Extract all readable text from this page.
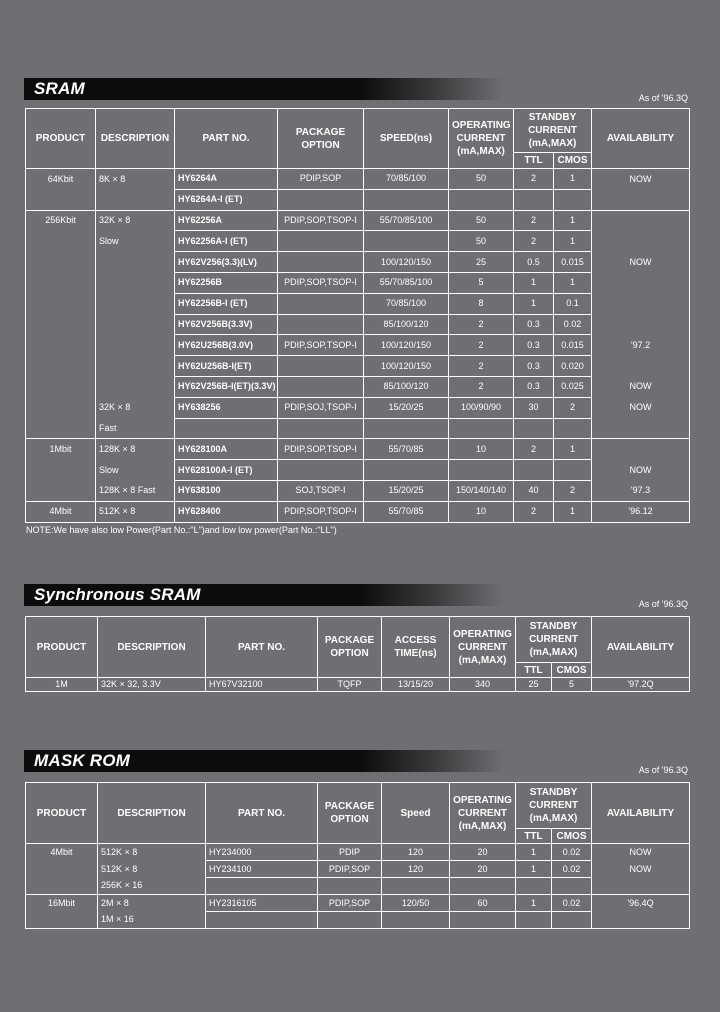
SRAM	As of '96.3Q
PRODUCT	DESCRIPTION	PART NO.	PACKAGE OPTION	SPEED(ns)	OPERATING CURRENT (mA,MAX)	STANDBY CURRENT (mA,MAX)		AVAILABILITY
						TTL	CMOS	
64Kbit	8K × 8	HY6264A	PDIP,SOP	70/85/100	50	2	1	NOW
		HY6264A-I (ET)						
256Kbit	32K × 8	HY62256A	PDIP,SOP,TSOP-I	55/70/85/100	50	2	1	
	Slow	HY62256A-I (ET)			50	2	1	
		HY62V256(3.3)(LV)		100/120/150	25	0.5	0.015	NOW
		HY62256B	PDIP,SOP,TSOP-I	55/70/85/100	5	1	1	
		HY62256B-I (ET)		70/85/100	8	1	0.1	
		HY62V256B(3.3V)		85/100/120	2	0.3	0.02	
		HY62U256B(3.0V)	PDIP,SOP,TSOP-I	100/120/150	2	0.3	0.015	'97.2
		HY62U256B-I(ET)		100/120/150	2	0.3	0.020	
		HY62V256B-I(ET)(3.3V)		85/100/120	2	0.3	0.025	NOW
	32K × 8	HY638256	PDIP,SOJ,TSOP-I	15/20/25	100/90/90	30	2	NOW
	Fast							
1Mbit	128K × 8	HY628100A	PDIP,SOP,TSOP-I	55/70/85	10	2	1	
	Slow	HY628100A-I (ET)						NOW
	128K × 8 Fast	HY638100	SOJ,TSOP-I	15/20/25	150/140/140	40	2	'97.3
4Mbit	512K × 8	HY628400	PDIP,SOP,TSOP-I	55/70/85	10	2	1	'96.12
NOTE:We have also low Power(Part No.:"L")and low low power(Part No.:"LL")
Synchronous SRAM	As of '96.3Q
PRODUCT	DESCRIPTION	PART NO.	PACKAGE OPTION	ACCESS TIME(ns)	OPERATING CURRENT (mA,MAX)	STANDBY CURRENT (mA,MAX)		AVAILABILITY
						TTL	CMOS	
1M	32K × 32, 3.3V	HY67V32100	TQFP	13/15/20	340	25	5	'97.2Q
MASK ROM	As of '96.3Q
PRODUCT	DESCRIPTION	PART NO.	PACKAGE OPTION	Speed	OPERATING CURRENT (mA,MAX)	STANDBY CURRENT (mA,MAX)		AVAILABILITY
						TTL	CMOS	
4Mbit	512K × 8	HY234000	PDIP	120	20	1	0.02	NOW
	512K × 8	HY234100	PDIP,SOP	120	20	1	0.02	NOW
	256K × 16							
16Mbit	2M × 8	HY2316105	PDIP,SOP	120/50	60	1	0.02	'96.4Q
	1M × 16							
